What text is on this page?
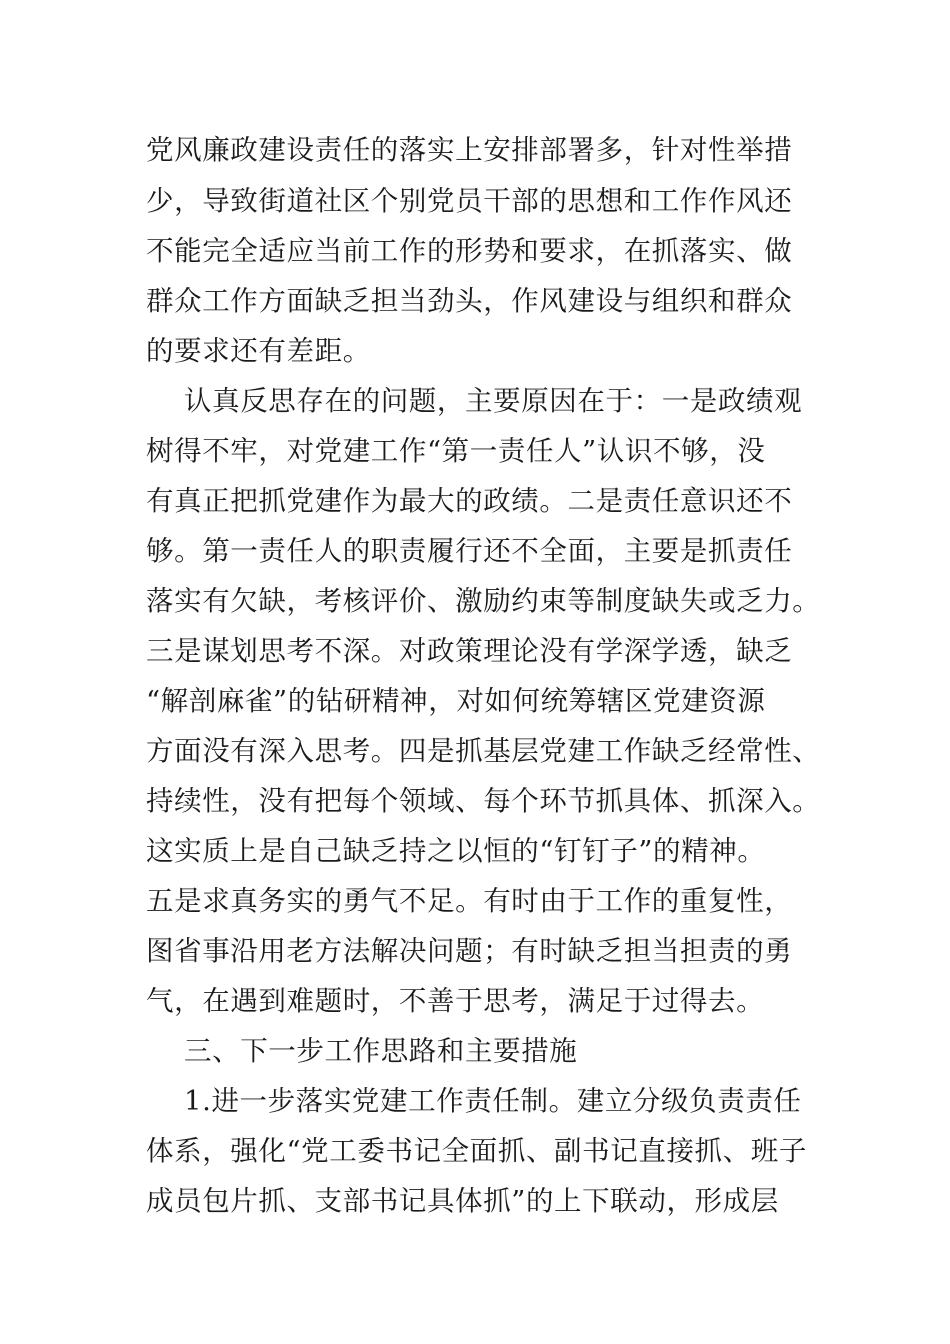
党风廉政建设责任的落实上安排部署多，针对性举措
少，导致街道社区个别党员干部的思想和工作作风还
不能完全适应当前工作的形势和要求，在抓落实、做
群众工作方面缺乏担当劲头，作风建设与组织和群众
的要求还有差距。
认真反思存在的问题，主要原因在于：一是政绩观
树得不牢，对党建工作“第一责任人”认识不够，没
有真正把抓党建作为最大的政绩。二是责任意识还不
够。第一责任人的职责履行还不全面，主要是抓责任
落实有欠缺，考核评价、激励约束等制度缺失或乏力。
三是谋划思考不深。对政策理论没有学深学透，缺乏
“解剖麻雀”的钻研精神，对如何统筹辖区党建资源
方面没有深入思考。四是抓基层党建工作缺乏经常性、
持续性，没有把每个领域、每个环节抓具体、抓深入。
这实质上是自己缺乏持之以恒的“钉钉子”的精神。
五是求真务实的勇气不足。有时由于工作的重复性，
图省事沿用老方法解决问题；有时缺乏担当担责的勇
气，在遇到难题时，不善于思考，满足于过得去。
三、下一步工作思路和主要措施
1.进一步落实党建工作责任制。建立分级负责责任
体系，强化“党工委书记全面抓、副书记直接抓、班子
成员包片抓、支部书记具体抓”的上下联动，形成层
